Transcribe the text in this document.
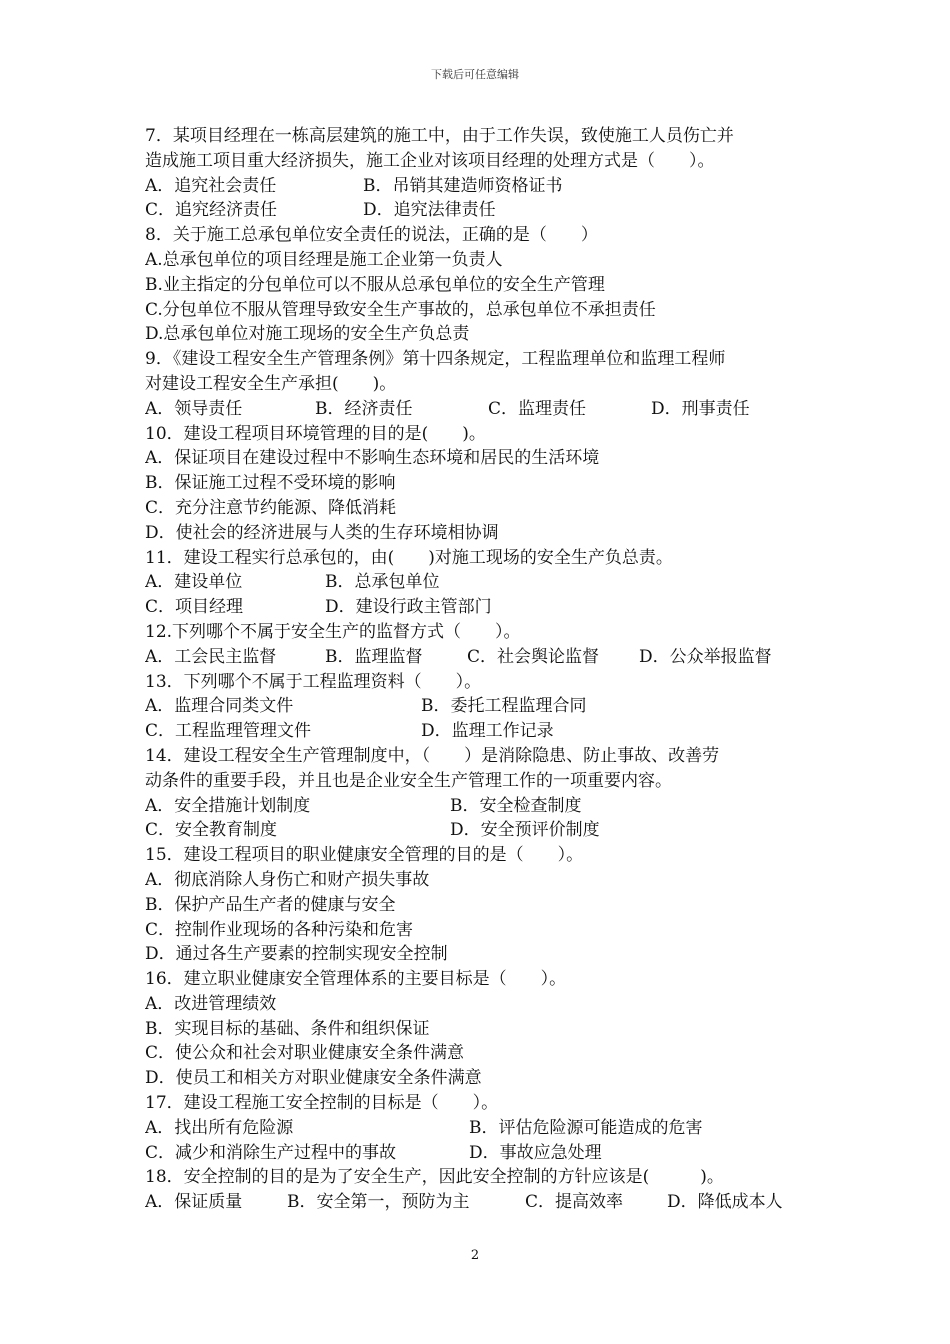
下载后可任意编辑
7．某项目经理在一栋高层建筑的施工中，由于工作失误，致使施工人员伤亡并
造成施工项目重大经济损失，施工企业对该项目经理的处理方式是（　　）。
A．追究社会责任	B．吊销其建造师资格证书
C．追究经济责任	D．追究法律责任
8．关于施工总承包单位安全责任的说法，正确的是（　　）
A.总承包单位的项目经理是施工企业第一负责人
B.业主指定的分包单位可以不服从总承包单位的安全生产管理
C.分包单位不服从管理导致安全生产事故的，总承包单位不承担责任
D.总承包单位对施工现场的安全生产负总责
9．《建设工程安全生产管理条例》第十四条规定，工程监理单位和监理工程师
对建设工程安全生产承担(　　)。
A．领导责任	B．经济责任	C．监理责任	D．刑事责任
10．建设工程项目环境管理的目的是(　　)。
A．保证项目在建设过程中不影响生态环境和居民的生活环境
B．保证施工过程不受环境的影响
C．充分注意节约能源、降低消耗
D．使社会的经济进展与人类的生存环境相协调
11．建设工程实行总承包的，由(　　)对施工现场的安全生产负总责。
A．建设单位	B．总承包单位
C．项目经理	D．建设行政主管部门
12.下列哪个不属于安全生产的监督方式（　　）。
A．工会民主监督	B．监理监督	C．社会舆论监督 D．公众举报监督
13．下列哪个不属于工程监理资料（　　）。
A．监理合同类文件	B．委托工程监理合同
C．工程监理管理文件	D．监理工作记录
14．建设工程安全生产管理制度中，（　　）是消除隐患、防止事故、改善劳
动条件的重要手段，并且也是企业安全生产管理工作的一项重要内容。
A．安全措施计划制度	B．安全检查制度
C．安全教育制度	D．安全预评价制度
15．建设工程项目的职业健康安全管理的目的是（　　）。
A．彻底消除人身伤亡和财产损失事故
B．保护产品生产者的健康与安全
C．控制作业现场的各种污染和危害
D．通过各生产要素的控制实现安全控制
16．建立职业健康安全管理体系的主要目标是（　　）。
A．改进管理绩效
B．实现目标的基础、条件和组织保证
C．使公众和社会对职业健康安全条件满意
D．使员工和相关方对职业健康安全条件满意
17．建设工程施工安全控制的目标是（　　）。
A．找出所有危险源	B．评估危险源可能造成的危害
C．减少和消除生产过程中的事故	D．事故应急处理
18．安全控制的目的是为了安全生产，因此安全控制的方针应该是(　　　)。
A．保证质量	B．安全第一，预防为主	C．提高效率	D．降低成本人
2
